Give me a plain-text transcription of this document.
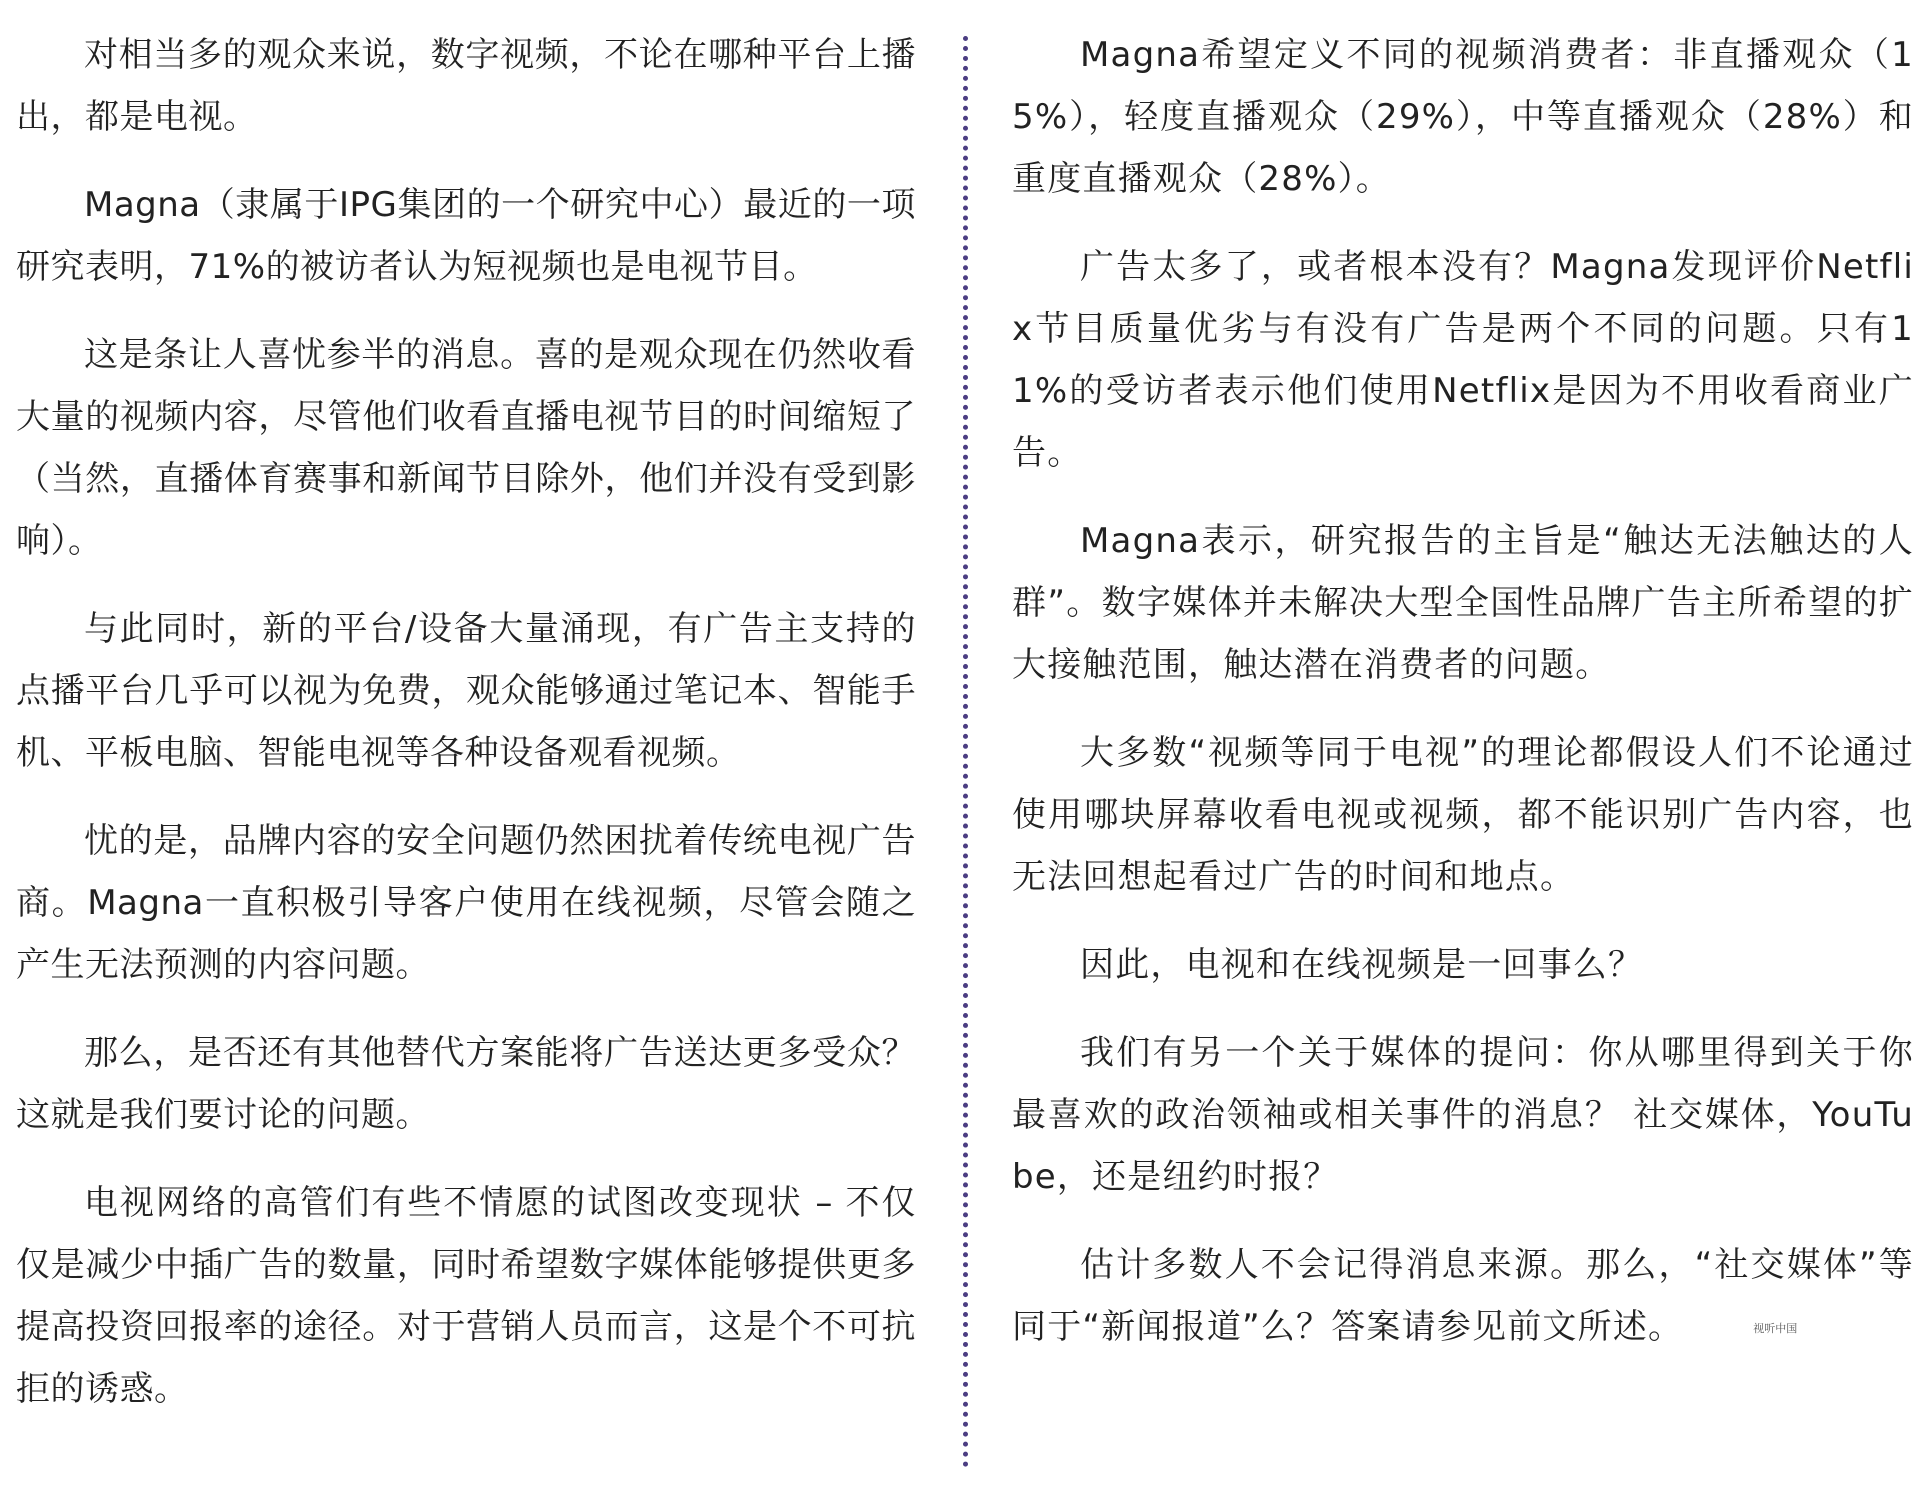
对相当多的观众来说，数字视频，不论在哪种平台上播出，都是电视。

Magna（隶属于IPG集团的一个研究中心）最近的一项研究表明，71%的被访者认为短视频也是电视节目。

这是条让人喜忧参半的消息。喜的是观众现在仍然收看大量的视频内容，尽管他们收看直播电视节目的时间缩短了（当然，直播体育赛事和新闻节目除外，他们并没有受到影响）。

与此同时，新的平台/设备大量涌现，有广告主支持的点播平台几乎可以视为免费，观众能够通过笔记本、智能手机、平板电脑、智能电视等各种设备观看视频。

忧的是，品牌内容的安全问题仍然困扰着传统电视广告商。Magna一直积极引导客户使用在线视频，尽管会随之产生无法预测的内容问题。

那么，是否还有其他替代方案能将广告送达更多受众？这就是我们要讨论的问题。

电视网络的高管们有些不情愿的试图改变现状 – 不仅仅是减少中插广告的数量，同时希望数字媒体能够提供更多提高投资回报率的途径。对于营销人员而言，这是个不可抗拒的诱惑。

Magna希望定义不同的视频消费者：非直播观众（15%），轻度直播观众（29%），中等直播观众（28%）和重度直播观众（28%）。

广告太多了，或者根本没有？Magna发现评价Netflix节目质量优劣与有没有广告是两个不同的问题。只有11%的受访者表示他们使用Netflix是因为不用收看商业广告。

Magna表示，研究报告的主旨是“触达无法触达的人群”。数字媒体并未解决大型全国性品牌广告主所希望的扩大接触范围，触达潜在消费者的问题。

大多数“视频等同于电视”的理论都假设人们不论通过使用哪块屏幕收看电视或视频，都不能识别广告内容，也无法回想起看过广告的时间和地点。

因此，电视和在线视频是一回事么？

我们有另一个关于媒体的提问：你从哪里得到关于你最喜欢的政治领袖或相关事件的消息？ 社交媒体，YouTube，还是纽约时报？

估计多数人不会记得消息来源。那么，“社交媒体”等同于“新闻报道”么？答案请参见前文所述。	视听中国
